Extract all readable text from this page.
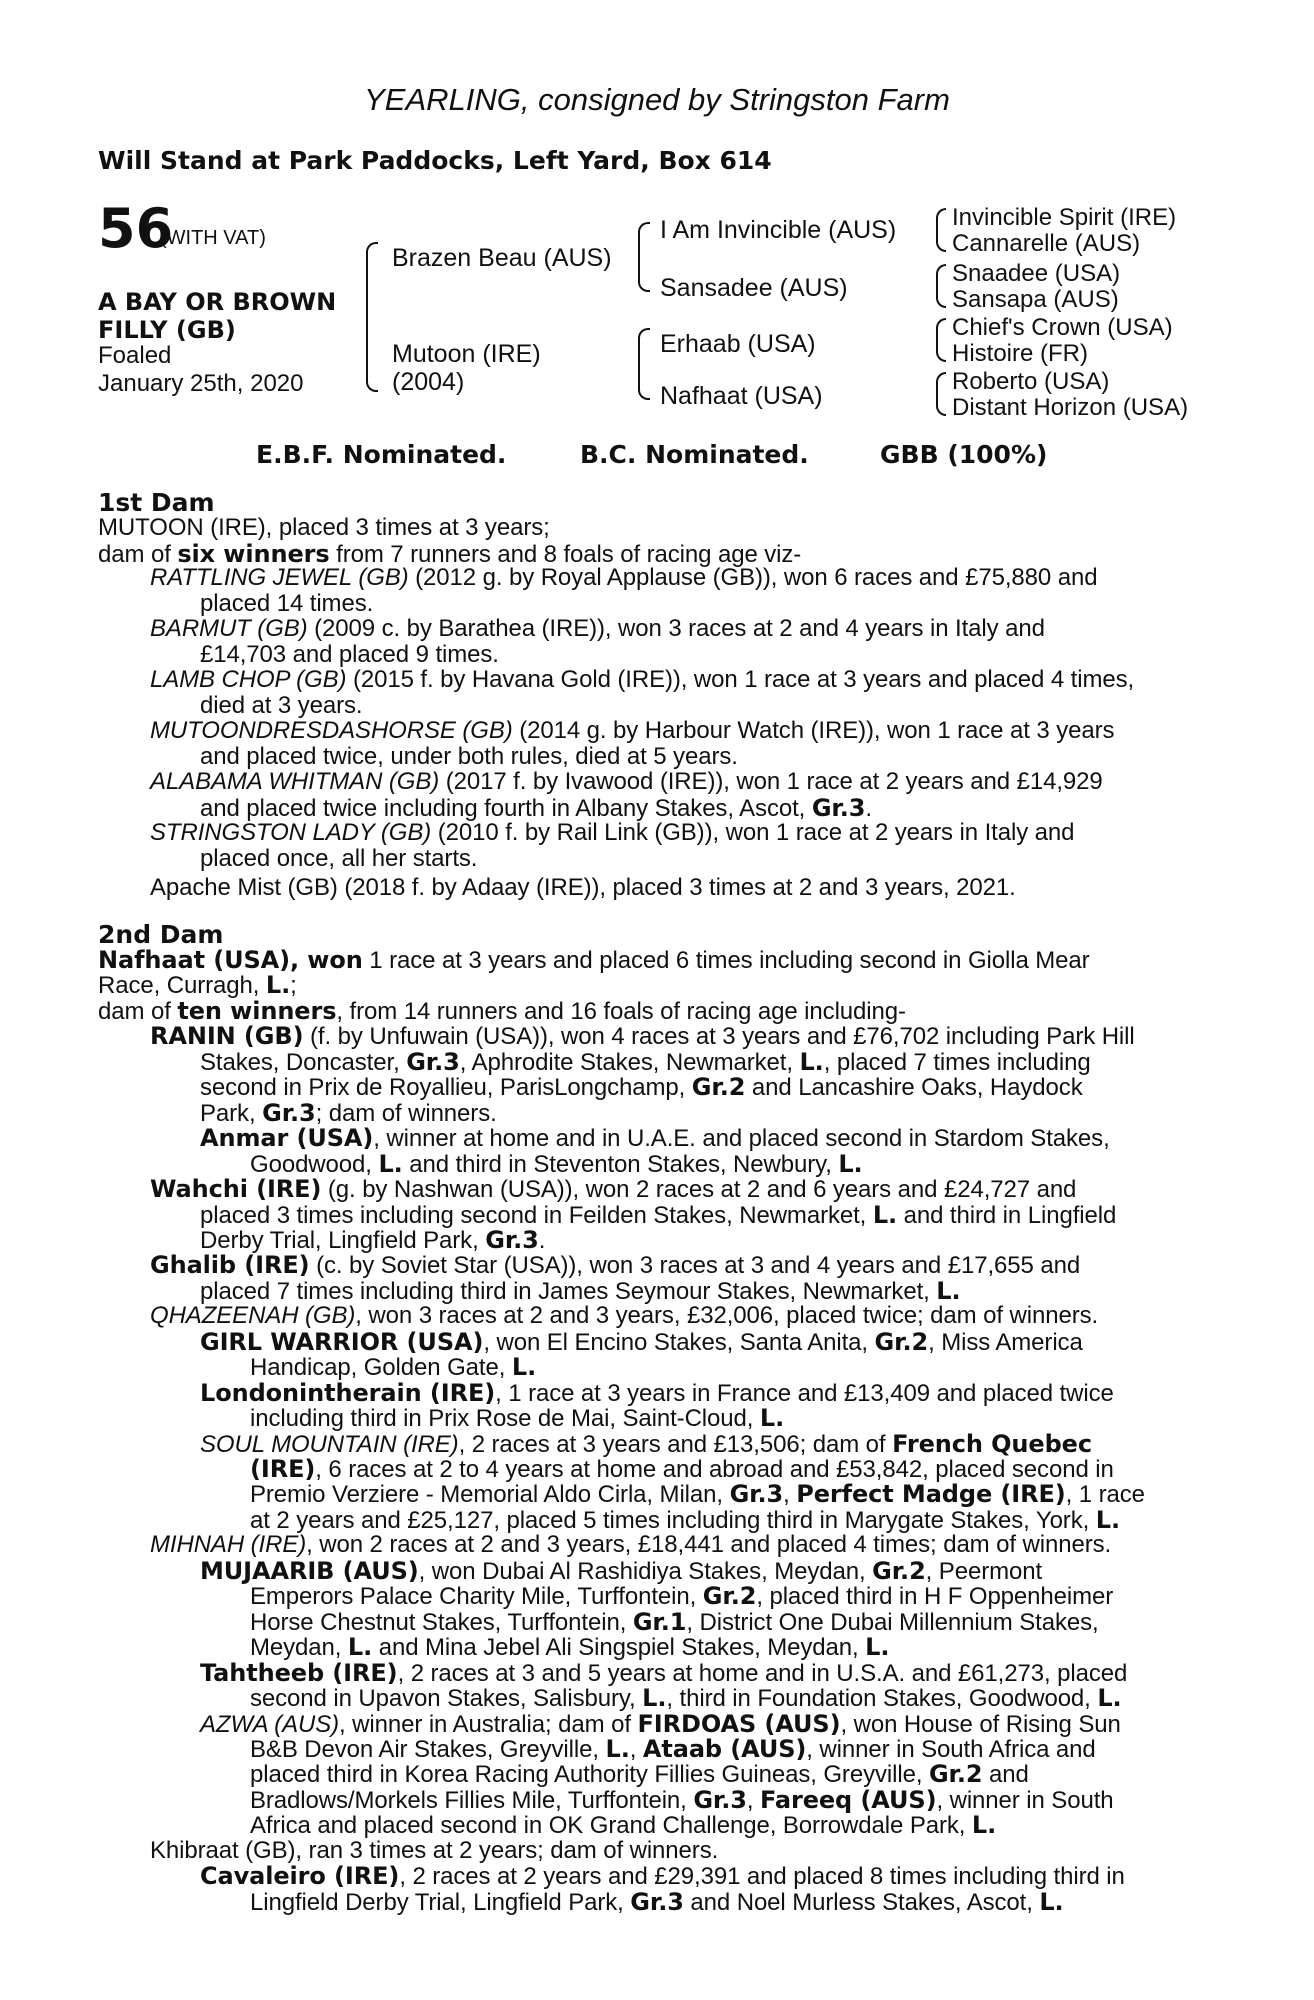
YEARLING, consigned by Stringston Farm
Will Stand at Park Paddocks, Left Yard, Box 614
56
(WITH VAT)
A BAY OR BROWN
FILLY (GB)
Foaled
January 25th, 2020
Brazen Beau (AUS)
Mutoon (IRE)
(2004)
I Am Invincible (AUS)
Sansadee (AUS)
Erhaab (USA)
Nafhaat (USA)
Invincible Spirit (IRE)
Cannarelle (AUS)
Snaadee (USA)
Sansapa (AUS)
Chief's Crown (USA)
Histoire (FR)
Roberto (USA)
Distant Horizon (USA)
E.B.F. Nominated.	B.C. Nominated.	GBB (100%)
1st Dam
MUTOON (IRE), placed 3 times at 3 years;
dam of six winners from 7 runners and 8 foals of racing age viz-
RATTLING JEWEL (GB) (2012 g. by Royal Applause (GB)), won 6 races and £75,880 and
placed 14 times.
BARMUT (GB) (2009 c. by Barathea (IRE)), won 3 races at 2 and 4 years in Italy and
£14,703 and placed 9 times.
LAMB CHOP (GB) (2015 f. by Havana Gold (IRE)), won 1 race at 3 years and placed 4 times,
died at 3 years.
MUTOONDRESDASHORSE (GB) (2014 g. by Harbour Watch (IRE)), won 1 race at 3 years
and placed twice, under both rules, died at 5 years.
ALABAMA WHITMAN (GB) (2017 f. by Ivawood (IRE)), won 1 race at 2 years and £14,929
and placed twice including fourth in Albany Stakes, Ascot, Gr.3.
STRINGSTON LADY (GB) (2010 f. by Rail Link (GB)), won 1 race at 2 years in Italy and
placed once, all her starts.
Apache Mist (GB) (2018 f. by Adaay (IRE)), placed 3 times at 2 and 3 years, 2021.
2nd Dam
Nafhaat (USA), won 1 race at 3 years and placed 6 times including second in Giolla Mear
Race, Curragh, L.;
dam of ten winners, from 14 runners and 16 foals of racing age including-
RANIN (GB) (f. by Unfuwain (USA)), won 4 races at 3 years and £76,702 including Park Hill
Stakes, Doncaster, Gr.3, Aphrodite Stakes, Newmarket, L., placed 7 times including
second in Prix de Royallieu, ParisLongchamp, Gr.2 and Lancashire Oaks, Haydock
Park, Gr.3; dam of winners.
Anmar (USA), winner at home and in U.A.E. and placed second in Stardom Stakes,
Goodwood, L. and third in Steventon Stakes, Newbury, L.
Wahchi (IRE) (g. by Nashwan (USA)), won 2 races at 2 and 6 years and £24,727 and
placed 3 times including second in Feilden Stakes, Newmarket, L. and third in Lingfield
Derby Trial, Lingfield Park, Gr.3.
Ghalib (IRE) (c. by Soviet Star (USA)), won 3 races at 3 and 4 years and £17,655 and
placed 7 times including third in James Seymour Stakes, Newmarket, L.
QHAZEENAH (GB), won 3 races at 2 and 3 years, £32,006, placed twice; dam of winners.
GIRL WARRIOR (USA), won El Encino Stakes, Santa Anita, Gr.2, Miss America
Handicap, Golden Gate, L.
Londonintherain (IRE), 1 race at 3 years in France and £13,409 and placed twice
including third in Prix Rose de Mai, Saint-Cloud, L.
SOUL MOUNTAIN (IRE), 2 races at 3 years and £13,506; dam of French Quebec
(IRE), 6 races at 2 to 4 years at home and abroad and £53,842, placed second in
Premio Verziere - Memorial Aldo Cirla, Milan, Gr.3, Perfect Madge (IRE), 1 race
at 2 years and £25,127, placed 5 times including third in Marygate Stakes, York, L.
MIHNAH (IRE), won 2 races at 2 and 3 years, £18,441 and placed 4 times; dam of winners.
MUJAARIB (AUS), won Dubai Al Rashidiya Stakes, Meydan, Gr.2, Peermont
Emperors Palace Charity Mile, Turffontein, Gr.2, placed third in H F Oppenheimer
Horse Chestnut Stakes, Turffontein, Gr.1, District One Dubai Millennium Stakes,
Meydan, L. and Mina Jebel Ali Singspiel Stakes, Meydan, L.
Tahtheeb (IRE), 2 races at 3 and 5 years at home and in U.S.A. and £61,273, placed
second in Upavon Stakes, Salisbury, L., third in Foundation Stakes, Goodwood, L.
AZWA (AUS), winner in Australia; dam of FIRDOAS (AUS), won House of Rising Sun
B&B Devon Air Stakes, Greyville, L., Ataab (AUS), winner in South Africa and
placed third in Korea Racing Authority Fillies Guineas, Greyville, Gr.2 and
Bradlows/Morkels Fillies Mile, Turffontein, Gr.3, Fareeq (AUS), winner in South
Africa and placed second in OK Grand Challenge, Borrowdale Park, L.
Khibraat (GB), ran 3 times at 2 years; dam of winners.
Cavaleiro (IRE), 2 races at 2 years and £29,391 and placed 8 times including third in
Lingfield Derby Trial, Lingfield Park, Gr.3 and Noel Murless Stakes, Ascot, L.
